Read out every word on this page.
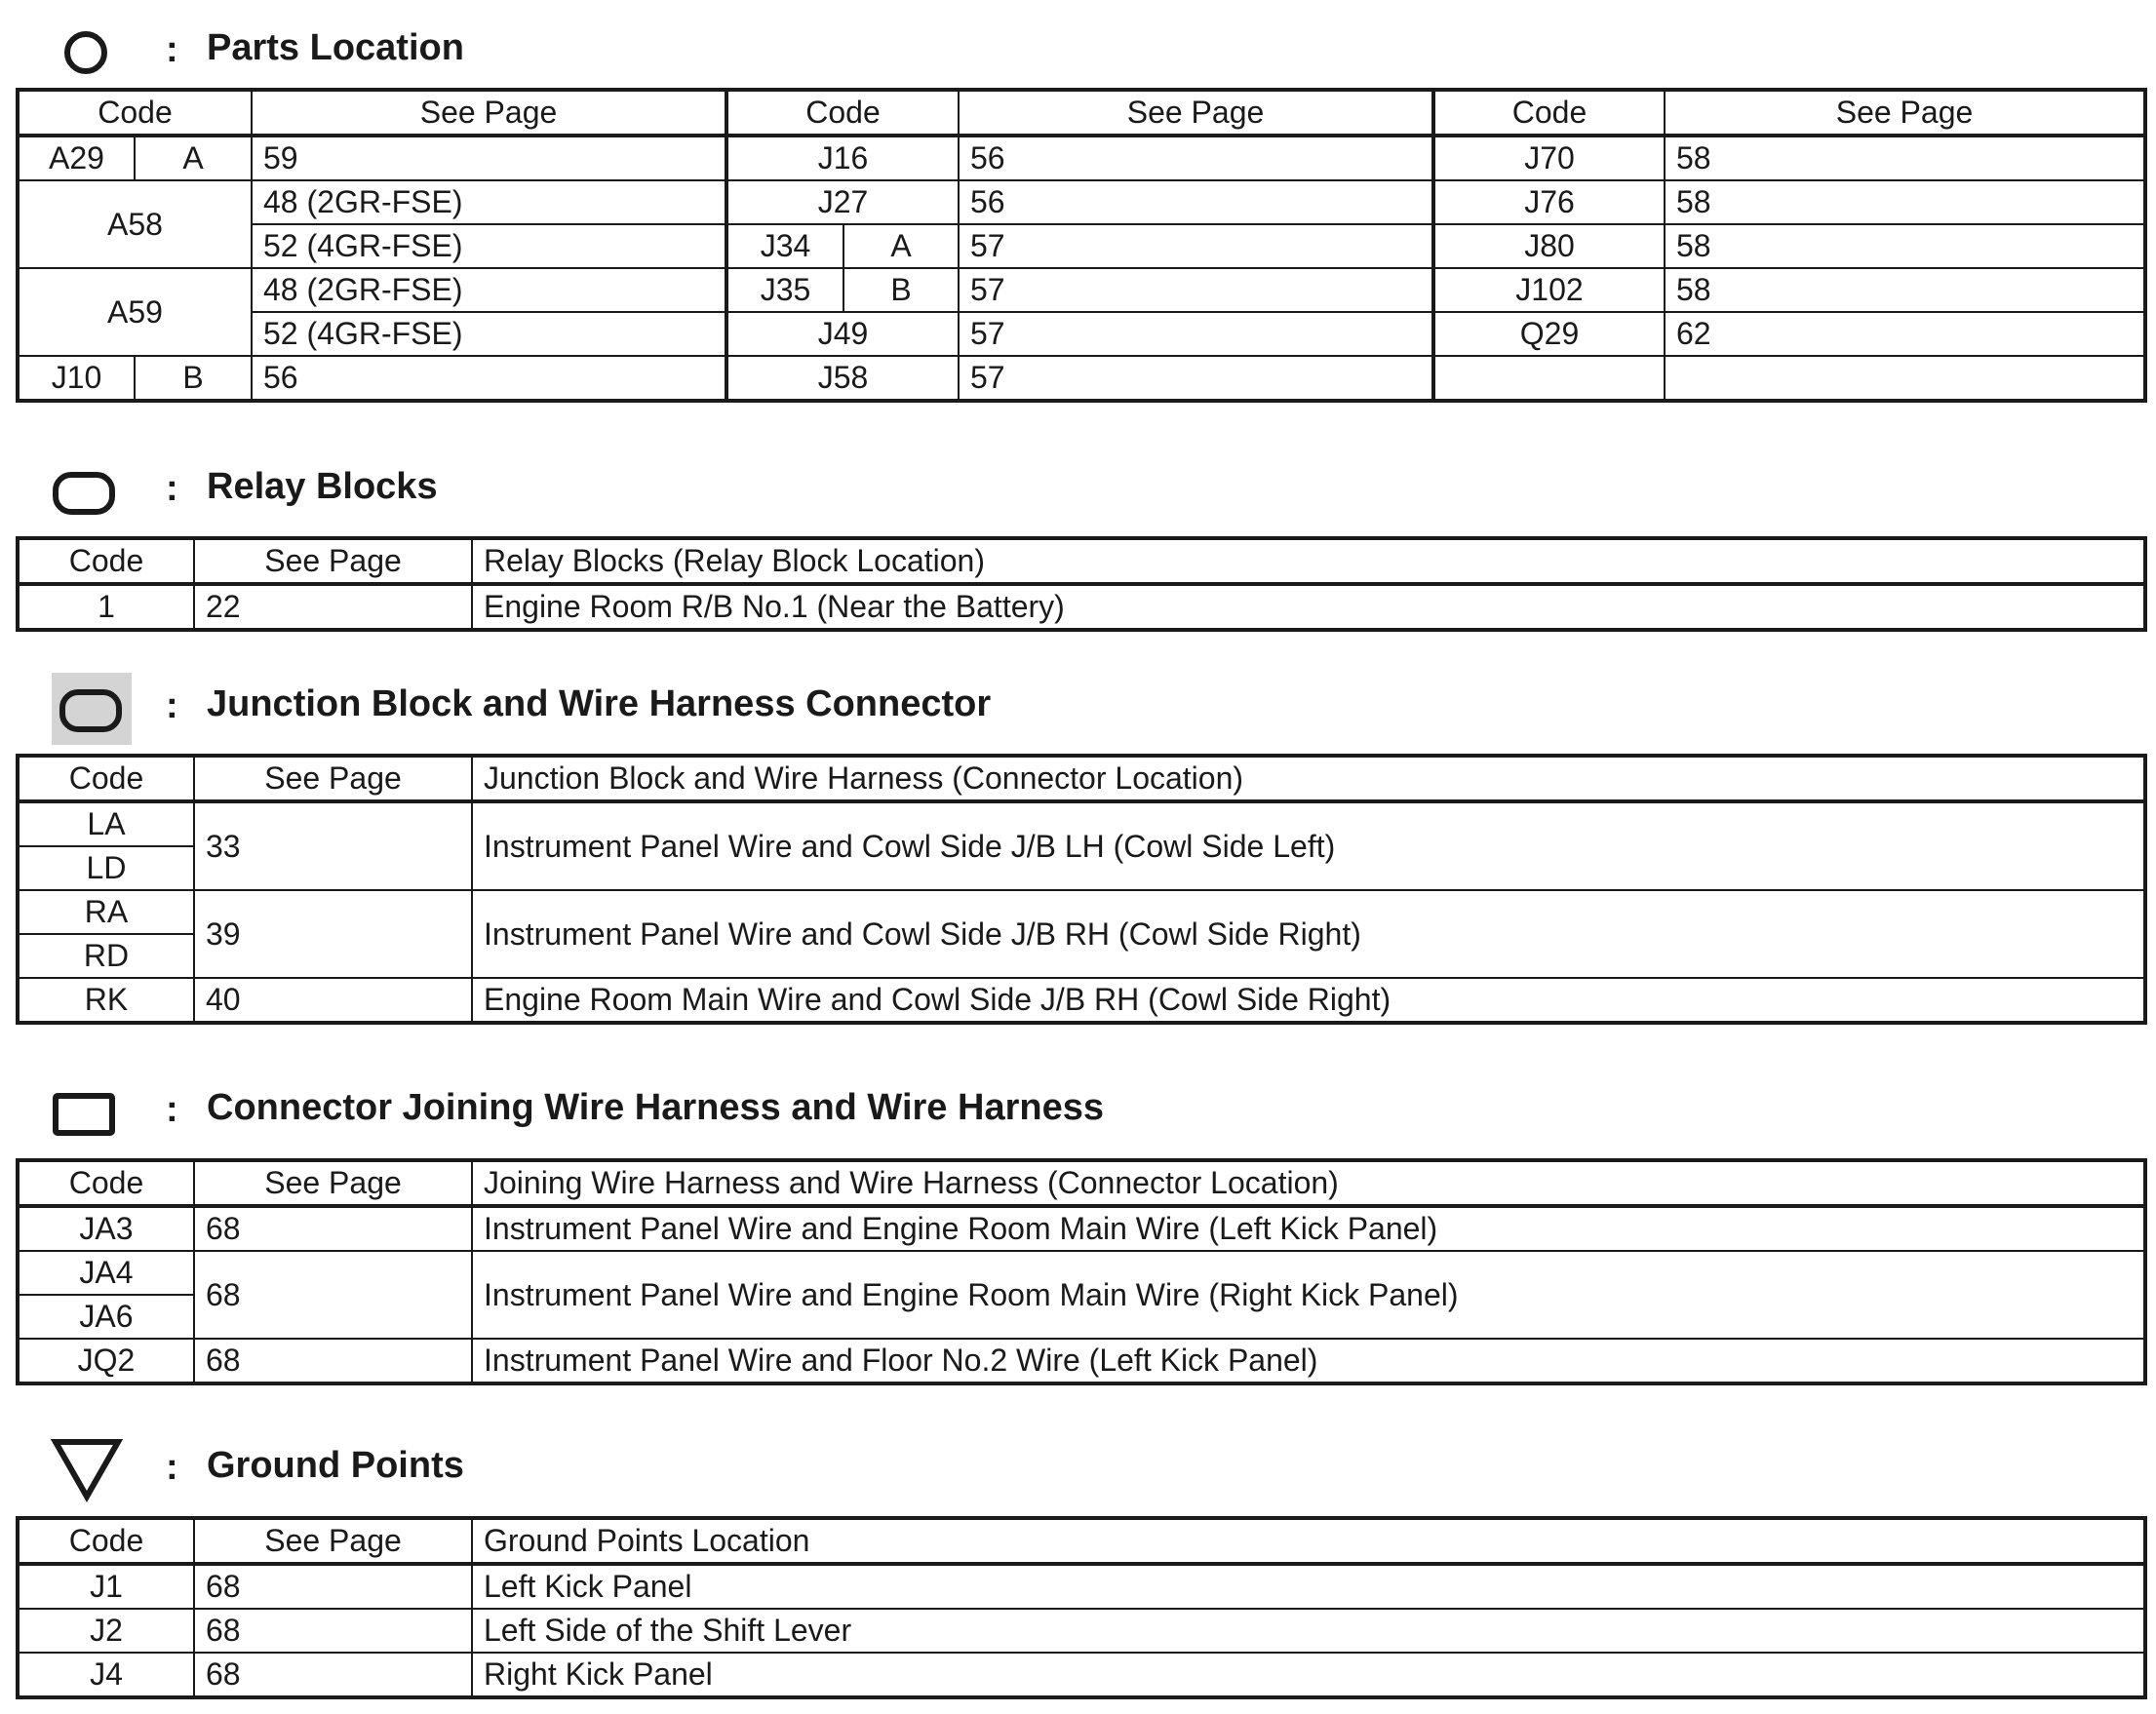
: Parts Location
Code		See Page	Code		See Page	Code	See Page
A29	A	59	J16		56	J70	58
A58		48 (2GR-FSE)	J27		56	J76	58
		52 (4GR-FSE)	J34	A	57	J80	58
A59		48 (2GR-FSE)	J35	B	57	J102	58
		52 (4GR-FSE)	J49		57	Q29	62
J10	B	56	J58		57		
: Relay Blocks
Code	See Page	Relay Blocks (Relay Block Location)
1	22	Engine Room R/B No.1 (Near the Battery)
: Junction Block and Wire Harness Connector
Code	See Page	Junction Block and Wire Harness (Connector Location)
LA	33	Instrument Panel Wire and Cowl Side J/B LH (Cowl Side Left)
LD		
RA	39	Instrument Panel Wire and Cowl Side J/B RH (Cowl Side Right)
RD		
RK	40	Engine Room Main Wire and Cowl Side J/B RH (Cowl Side Right)
: Connector Joining Wire Harness and Wire Harness
Code	See Page	Joining Wire Harness and Wire Harness (Connector Location)
JA3	68	Instrument Panel Wire and Engine Room Main Wire (Left Kick Panel)
JA4	68	Instrument Panel Wire and Engine Room Main Wire (Right Kick Panel)
JA6		
JQ2	68	Instrument Panel Wire and Floor No.2 Wire (Left Kick Panel)
: Ground Points
Code	See Page	Ground Points Location
J1	68	Left Kick Panel
J2	68	Left Side of the Shift Lever
J4	68	Right Kick Panel
